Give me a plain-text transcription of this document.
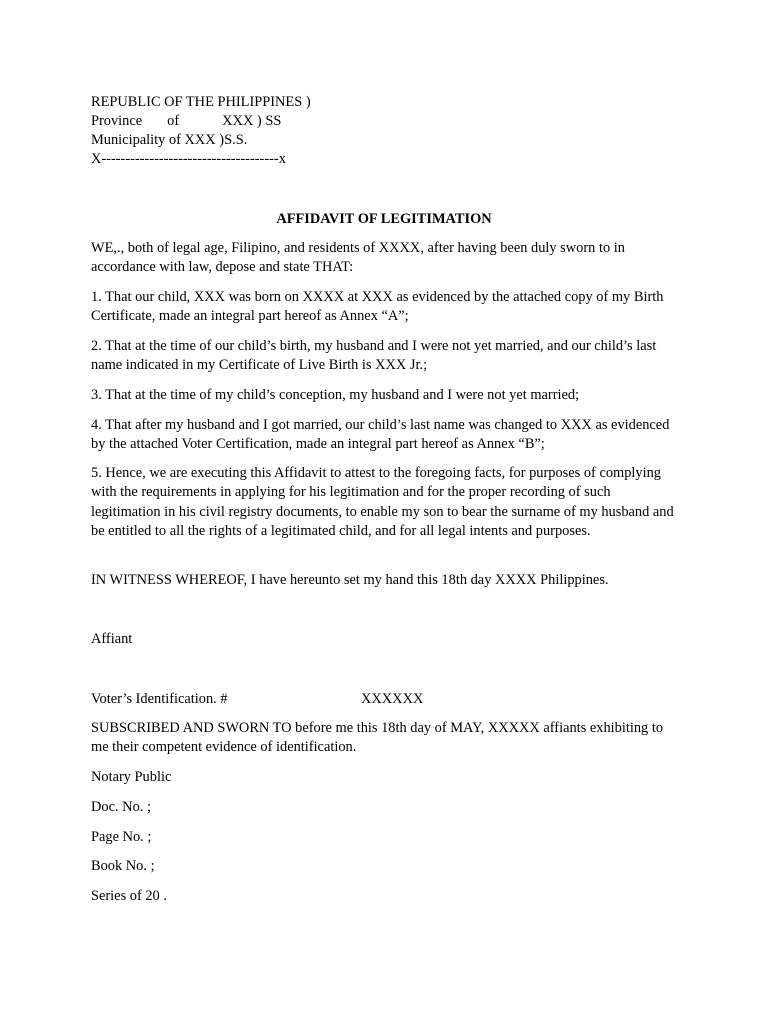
REPUBLIC OF THE PHILIPPINES )
Province of	XXX ) SS
Municipality of XXX )S.S.
X-------------------------------------x
AFFIDAVIT OF LEGITIMATION
WE,., both of legal age, Filipino, and residents of XXXX, after having been duly sworn to in accordance with law, depose and state THAT:
1. That our child, XXX was born on XXXX at XXX as evidenced by the attached copy of my Birth Certificate, made an integral part hereof as Annex “A”;
2. That at the time of our child’s birth, my husband and I were not yet married, and our child’s last name indicated in my Certificate of Live Birth is XXX Jr.;
3. That at the time of my child’s conception, my husband and I were not yet married;
4. That after my husband and I got married, our child’s last name was changed to XXX as evidenced by the attached Voter Certification, made an integral part hereof as Annex “B”;
5. Hence, we are executing this Affidavit to attest to the foregoing facts, for purposes of complying with the requirements in applying for his legitimation and for the proper recording of such legitimation in his civil registry documents, to enable my son to bear the surname of my husband and be entitled to all the rights of a legitimated child, and for all legal intents and purposes.
IN WITNESS WHEREOF, I have hereunto set my hand this 18th day XXXX Philippines.
Affiant
Voter’s Identification. #	XXXXXX
SUBSCRIBED AND SWORN TO before me this 18th day of MAY, XXXXX affiants exhibiting to me their competent evidence of identification.
Notary Public
Doc. No. ;
Page No. ;
Book No. ;
Series of 20 .
